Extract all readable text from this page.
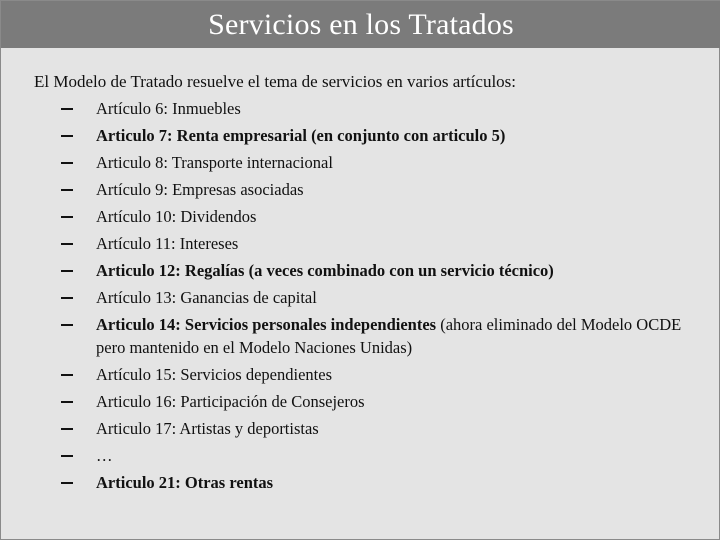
Servicios en los Tratados
El Modelo de Tratado resuelve el tema de servicios en varios artículos:
Artículo 6: Inmuebles
Articulo 7: Renta empresarial (en conjunto con articulo 5)
Articulo 8: Transporte internacional
Artículo 9: Empresas asociadas
Artículo 10: Dividendos
Artículo 11: Intereses
Articulo 12: Regalías (a veces combinado con un servicio técnico)
Artículo 13: Ganancias de capital
Articulo 14: Servicios personales independientes (ahora eliminado del Modelo OCDE pero mantenido en el Modelo Naciones Unidas)
Artículo 15: Servicios dependientes
Articulo 16: Participación de Consejeros
Articulo 17: Artistas y deportistas
…
Articulo 21: Otras rentas
